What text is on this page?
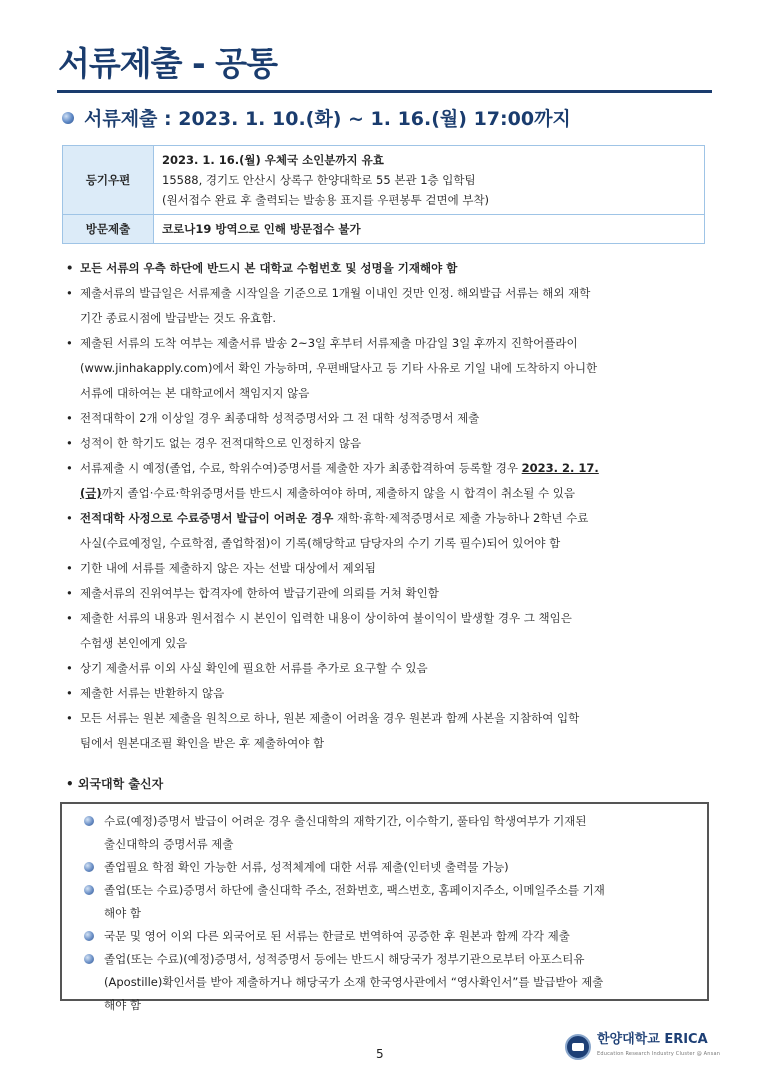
서류제출 - 공통
서류제출 : 2023. 1. 10.(화) ~ 1. 16.(월) 17:00까지
등기우편	2023. 1. 16.(월) 우체국 소인분까지 유효
15588, 경기도 안산시 상록구 한양대학로 55 본관 1층 입학팀
(원서접수 완료 후 출력되는 발송용 표지를 우편봉투 겉면에 부착)

방문제출	코로나19 방역으로 인해 방문접수 불가
• 모든 서류의 우측 하단에 반드시 본 대학교 수험번호 및 성명을 기재해야 함
• 제출서류의 발급일은 서류제출 시작일을 기준으로 1개월 이내인 것만 인정. 해외발급 서류는 해외 재학
기간 종료시점에 발급받는 것도 유효함.
• 제출된 서류의 도착 여부는 제출서류 발송 2~3일 후부터 서류제출 마감일 3일 후까지 진학어플라이
(www.jinhakapply.com)에서 확인 가능하며, 우편배달사고 등 기타 사유로 기일 내에 도착하지 아니한
서류에 대하여는 본 대학교에서 책임지지 않음
• 전적대학이 2개 이상일 경우 최종대학 성적증명서와 그 전 대학 성적증명서 제출
• 성적이 한 학기도 없는 경우 전적대학으로 인정하지 않음
• 서류제출 시 예정(졸업, 수료, 학위수여)증명서를 제출한 자가 최종합격하여 등록할 경우 2023. 2. 17.
(금)까지 졸업·수료·학위증명서를 반드시 제출하여야 하며, 제출하지 않을 시 합격이 취소될 수 있음
• 전적대학 사정으로 수료증명서 발급이 어려운 경우 재학·휴학·제적증명서로 제출 가능하나 2학년 수료
사실(수료예정일, 수료학점, 졸업학점)이 기록(해당학교 담당자의 수기 기록 필수)되어 있어야 함
• 기한 내에 서류를 제출하지 않은 자는 선발 대상에서 제외됨
• 제출서류의 진위여부는 합격자에 한하여 발급기관에 의뢰를 거쳐 확인함
• 제출한 서류의 내용과 원서접수 시 본인이 입력한 내용이 상이하여 불이익이 발생할 경우 그 책임은
수험생 본인에게 있음
• 상기 제출서류 이외 사실 확인에 필요한 서류를 추가로 요구할 수 있음
• 제출한 서류는 반환하지 않음
• 모든 서류는 원본 제출을 원칙으로 하나, 원본 제출이 어려울 경우 원본과 함께 사본을 지참하여 입학
팀에서 원본대조필 확인을 받은 후 제출하여야 함
• 외국대학 출신자
수료(예정)증명서 발급이 어려운 경우 출신대학의 재학기간, 이수학기, 풀타임 학생여부가 기재된
출신대학의 증명서류 제출
졸업필요 학점 확인 가능한 서류, 성적체계에 대한 서류 제출(인터넷 출력물 가능)
졸업(또는 수료)증명서 하단에 출신대학 주소, 전화번호, 팩스번호, 홈페이지주소, 이메일주소를 기재
해야 함
국문 및 영어 이외 다른 외국어로 된 서류는 한글로 번역하여 공증한 후 원본과 함께 각각 제출
졸업(또는 수료)(예정)증명서, 성적증명서 등에는 반드시 해당국가 정부기관으로부터 아포스티유
(Apostille)확인서를 받아 제출하거나 해당국가 소재 한국영사관에서 “영사확인서”를 발급받아 제출
해야 함
5
한양대학교 ERICA
Education Research Industry Cluster @ Ansan
